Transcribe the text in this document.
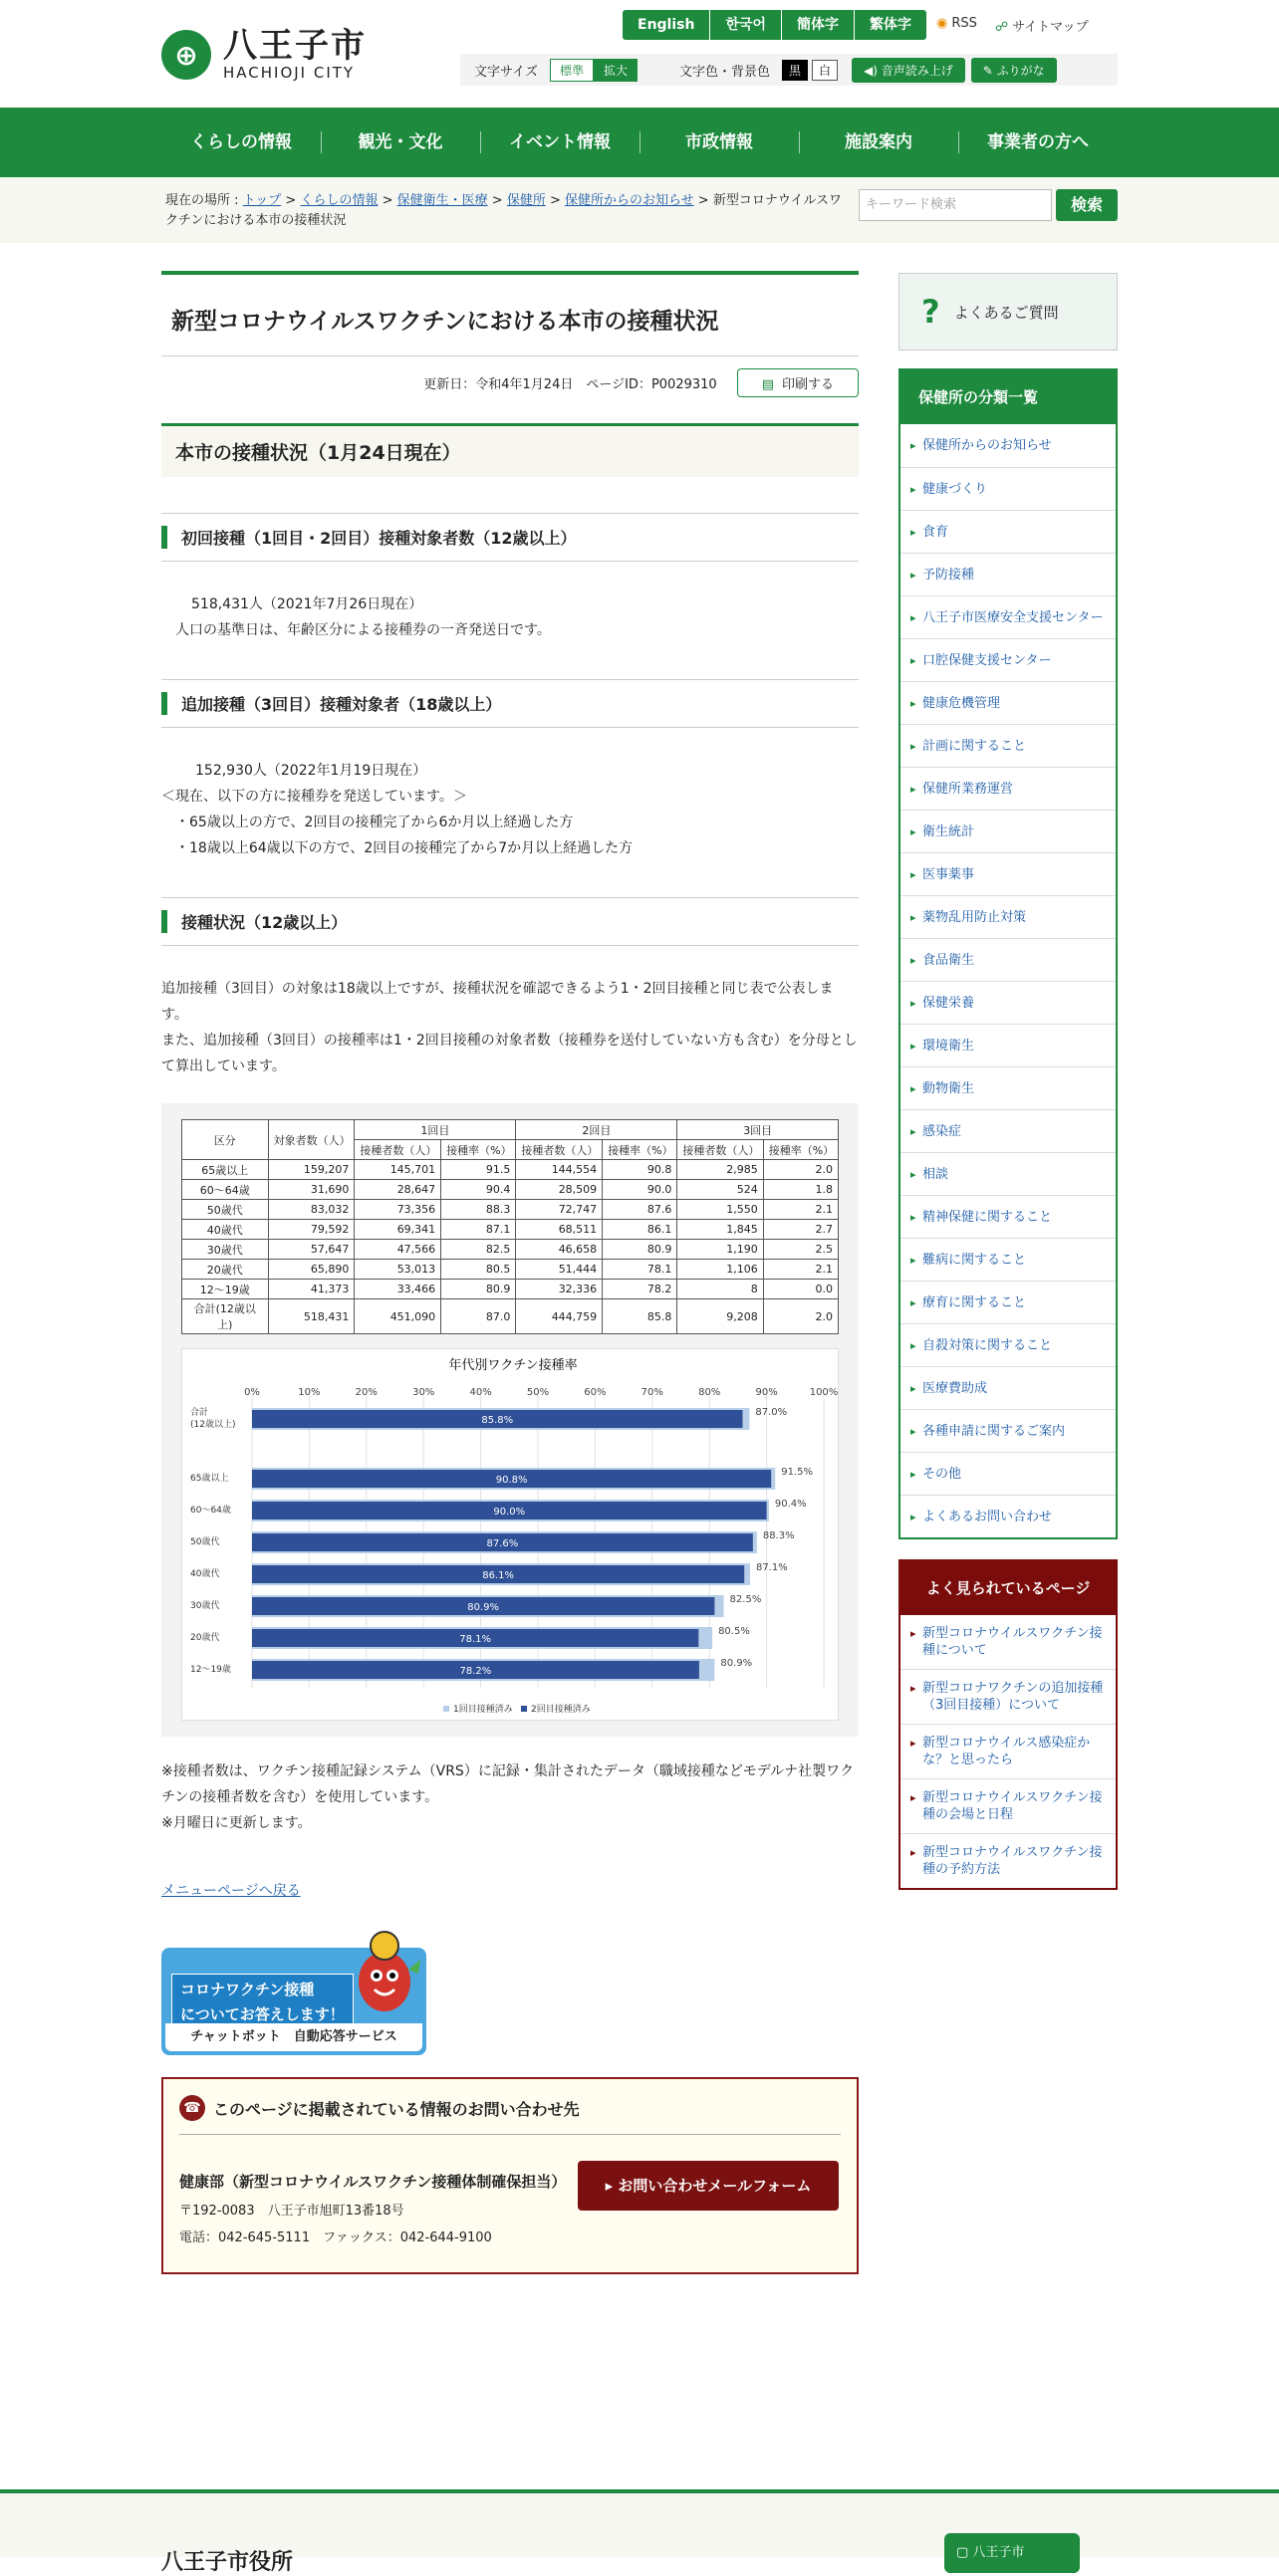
⊕ 八王子市
HACHIOJI CITY
English	한국어	簡体字	繁体字	◉ RSS ☍ サイトマップ
文字サイズ	標準	拡大	文字色・背景色	黒	白	◀) 音声読み上げ	✎ ふりがな
くらしの情報	観光・文化	イベント情報	市政情報	施設案内	事業者の方へ
現在の場所 : トップ > くらしの情報 > 保健衛生・医療 > 保健所 > 保健所からのお知らせ > 新型コロナウイルスワクチンにおける本市の接種状況
キーワード検索	検索
新型コロナウイルスワクチンにおける本市の接種状況
更新日：令和4年1月24日　 ページID：P0029310	▤ 印刷する
本市の接種状況（1月24日現在）
初回接種（1回目・2回目）接種対象者数（12歳以上）
518,431人（2021年7月26日現在）
人口の基準日は、年齢区分による接種券の一斉発送日です。
追加接種（3回目）接種対象者（18歳以上）
152,930人（2022年1月19日現在）
＜現在、以下の方に接種券を発送しています。＞
・65歳以上の方で、2回目の接種完了から6か月以上経過した方
・18歳以上64歳以下の方で、2回目の接種完了から7か月以上経過した方
接種状況（12歳以上）
追加接種（3回目）の対象は18歳以上ですが、接種状況を確認できるよう1・2回目接種と同じ表で公表します。
また、追加接種（3回目）の接種率は1・2回目接種の対象者数（接種券を送付していない方も含む）を分母として算出しています。
区分	対象者数（人）	1回目		2回目		3回目	
		接種者数（人）	接種率（%）	接種者数（人）	接種率（%）	接種者数（人）	接種率（%）
65歳以上	159,207	145,701	91.5	144,554	90.8	2,985	2.0
60〜64歳	31,690	28,647	90.4	28,509	90.0	524	1.8
50歳代	83,032	73,356	88.3	72,747	87.6	1,550	2.1
40歳代	79,592	69,341	87.1	68,511	86.1	1,845	2.7
30歳代	57,647	47,566	82.5	46,658	80.9	1,190	2.5
20歳代	65,890	53,013	80.5	51,444	78.1	1,106	2.1
12〜19歳	41,373	33,466	80.9	32,336	78.2	8	0.0
合計(12歳以上)	518,431	451,090	87.0	444,759	85.8	9,208	2.0
年代別ワクチン接種率
0%	10%	20%	30%	40%	50%	60%	70%	80%	90%	100%
合計
(12歳以上)	85.8%
87.0%
65歳以上	90.8%
91.5%
60〜64歳	90.0%
90.4%
50歳代	87.6%
88.3%
40歳代	86.1%
87.1%
30歳代	80.9%
82.5%
20歳代	78.1%
80.5%
12〜19歳	78.2%
80.9%
1回目接種済み 2回目接種済み
※接種者数は、ワクチン接種記録システム（VRS）に記録・集計されたデータ（職域接種などモデルナ社製ワクチンの接種者数を含む）を使用しています。
※月曜日に更新します。
メニューページへ戻る
コロナワクチン接種
についてお答えします！
チャットボット　自動応答サービス
☎ このページに掲載されている情報のお問い合わせ先
健康部（新型コロナウイルスワクチン接種体制確保担当）
〒192-0083　八王子市旭町13番18号
電話：042-645-5111　ファックス：042-644-9100
▸ お問い合わせメールフォーム
? よくあるご質問
保健所の分類一覧
▸ 保健所からのお知らせ
▸ 健康づくり
▸ 食育
▸ 予防接種
▸ 八王子市医療安全支援センター
▸ 口腔保健支援センター
▸ 健康危機管理
▸ 計画に関すること
▸ 保健所業務運営
▸ 衛生統計
▸ 医事薬事
▸ 薬物乱用防止対策
▸ 食品衛生
▸ 保健栄養
▸ 環境衛生
▸ 動物衛生
▸ 感染症
▸ 相談
▸ 精神保健に関すること
▸ 難病に関すること
▸ 療育に関すること
▸ 自殺対策に関すること
▸ 医療費助成
▸ 各種申請に関するご案内
▸ その他
▸ よくあるお問い合わせ
よく見られているページ
▸ 新型コロナウイルスワクチン接種について
▸ 新型コロナワクチンの追加接種（3回目接種）について
▸ 新型コロナウイルス感染症かな？と思ったら
▸ 新型コロナウイルスワクチン接種の会場と日程
▸ 新型コロナウイルスワクチン接種の予約方法
八王子市役所	▢ 八王子市
